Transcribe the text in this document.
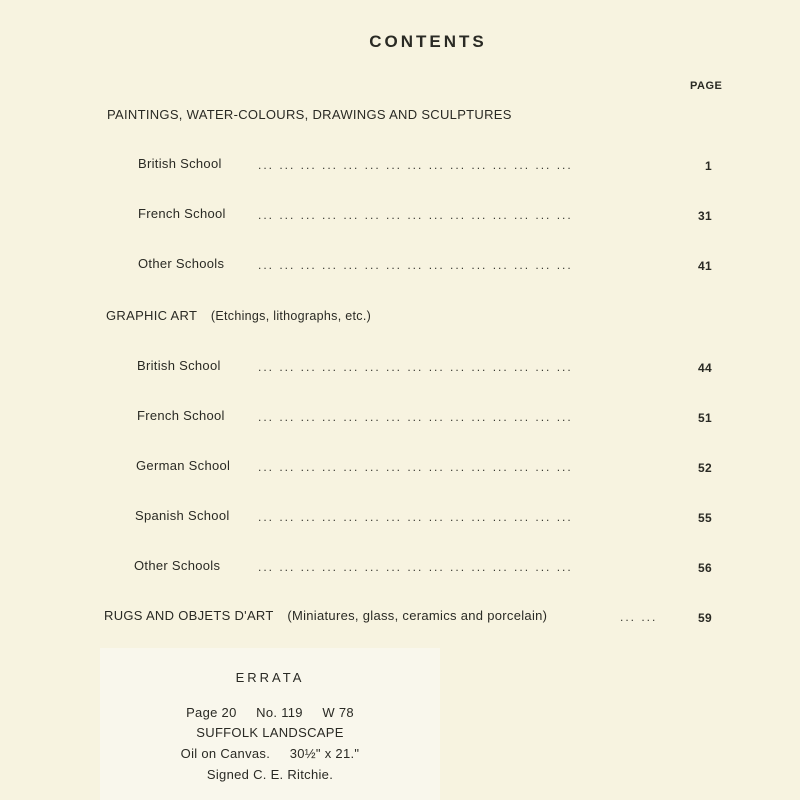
CONTENTS
PAGE
PAINTINGS, WATER-COLOURS, DRAWINGS AND SCULPTURES
British School	... ... ... ... ... ... ... ... ... ... ... ... ... ... ...	1
French School	... ... ... ... ... ... ... ... ... ... ... ... ... ... ...	31
Other Schools	... ... ... ... ... ... ... ... ... ... ... ... ... ... ...	41
GRAPHIC ART (Etchings, lithographs, etc.)
British School	... ... ... ... ... ... ... ... ... ... ... ... ... ... ...	44
French School	... ... ... ... ... ... ... ... ... ... ... ... ... ... ...	51
German School ... ... ... ... ... ... ... ... ... ... ... ... ... ... ...	52
Spanish School ... ... ... ... ... ... ... ... ... ... ... ... ... ... ...	55
Other Schools	... ... ... ... ... ... ... ... ... ... ... ... ... ... ...	56
RUGS AND OBJETS D'ART (Miniatures, glass, ceramics and porcelain)	... ...	59
ERRATA
Page 20     No. 119     W 78
SUFFOLK LANDSCAPE
Oil on Canvas.     30½" x 21."
Signed C. E. Ritchie.
